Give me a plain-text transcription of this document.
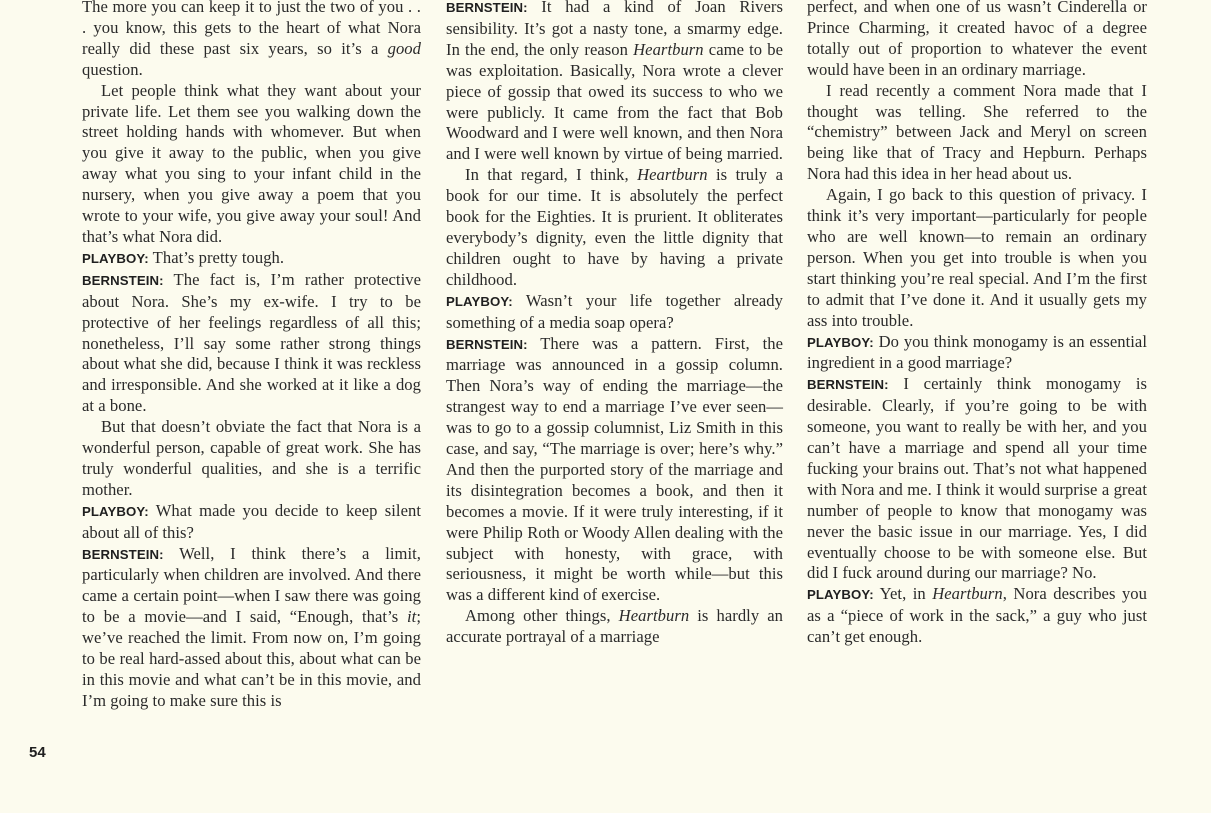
The more you can keep it to just the two of you . . . you know, this gets to the heart of what Nora really did these past six years, so it’s a good question.

Let people think what they want about your private life. Let them see you walking down the street holding hands with whomever. But when you give it away to the public, when you give away what you sing to your infant child in the nursery, when you give away a poem that you wrote to your wife, you give away your soul! And that’s what Nora did.

PLAYBOY: That’s pretty tough.

BERNSTEIN: The fact is, I’m rather protective about Nora. She’s my ex-wife. I try to be protective of her feelings regardless of all this; nonetheless, I’ll say some rather strong things about what she did, because I think it was reckless and irresponsible. And she worked at it like a dog at a bone.

But that doesn’t obviate the fact that Nora is a wonderful person, capable of great work. She has truly wonderful qualities, and she is a terrific mother.

PLAYBOY: What made you decide to keep silent about all of this?

BERNSTEIN: Well, I think there’s a limit, particularly when children are involved. And there came a certain point—when I saw there was going to be a movie—and I said, “Enough, that’s it; we’ve reached the limit. From now on, I’m going to be real hard-assed about this, about what can be in this movie and what can’t be in this movie, and I’m going to make sure this is

BERNSTEIN: It had a kind of Joan Rivers sensibility. It’s got a nasty tone, a smarmy edge. In the end, the only reason Heartburn came to be was exploitation. Basically, Nora wrote a clever piece of gossip that owed its success to who we were publicly. It came from the fact that Bob Woodward and I were well known, and then Nora and I were well known by virtue of being married.

In that regard, I think, Heartburn is truly a book for our time. It is absolutely the perfect book for the Eighties. It is prurient. It obliterates everybody’s dignity, even the little dignity that children ought to have by having a private childhood.

PLAYBOY: Wasn’t your life together already something of a media soap opera?

BERNSTEIN: There was a pattern. First, the marriage was announced in a gossip column. Then Nora’s way of ending the marriage—the strangest way to end a marriage I’ve ever seen—was to go to a gossip columnist, Liz Smith in this case, and say, “The marriage is over; here’s why.” And then the purported story of the marriage and its disintegration becomes a book, and then it becomes a movie. If it were truly interesting, if it were Philip Roth or Woody Allen dealing with the subject with honesty, with grace, with seriousness, it might be worth while—but this was a different kind of exercise.

Among other things, Heartburn is hardly an accurate portrayal of a marriage

perfect, and when one of us wasn’t Cinderella or Prince Charming, it created havoc of a degree totally out of proportion to whatever the event would have been in an ordinary marriage.

I read recently a comment Nora made that I thought was telling. She referred to the “chemistry” between Jack and Meryl on screen being like that of Tracy and Hepburn. Perhaps Nora had this idea in her head about us.

Again, I go back to this question of privacy. I think it’s very important—particularly for people who are well known—to remain an ordinary person. When you get into trouble is when you start thinking you’re real special. And I’m the first to admit that I’ve done it. And it usually gets my ass into trouble.

PLAYBOY: Do you think monogamy is an essential ingredient in a good marriage?

BERNSTEIN: I certainly think monogamy is desirable. Clearly, if you’re going to be with someone, you want to really be with her, and you can’t have a marriage and spend all your time fucking your brains out. That’s not what happened with Nora and me. I think it would surprise a great number of people to know that monogamy was never the basic issue in our marriage. Yes, I did eventually choose to be with someone else. But did I fuck around during our marriage? No.

PLAYBOY: Yet, in Heartburn, Nora describes you as a “piece of work in the sack,” a guy who just can’t get enough.

54
